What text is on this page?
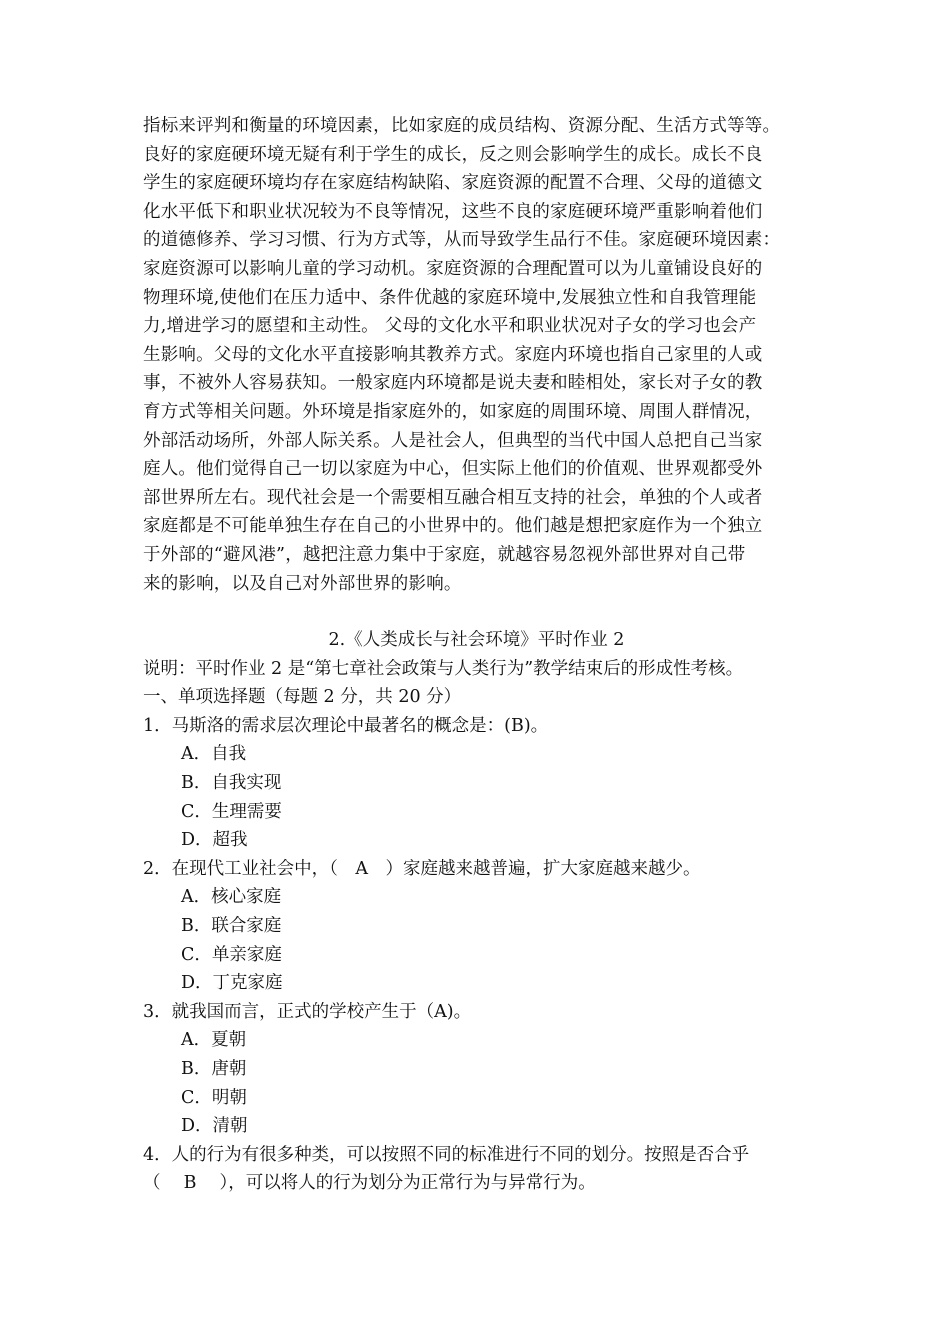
指标来评判和衡量的环境因素，比如家庭的成员结构、资源分配、生活方式等等。
良好的家庭硬环境无疑有利于学生的成长，反之则会影响学生的成长。成长不良
学生的家庭硬环境均存在家庭结构缺陷、家庭资源的配置不合理、父母的道德文
化水平低下和职业状况较为不良等情况，这些不良的家庭硬环境严重影响着他们
的道德修养、学习习惯、行为方式等，从而导致学生品行不佳。家庭硬环境因素：
家庭资源可以影响儿童的学习动机。家庭资源的合理配置可以为儿童铺设良好的
物理环境,使他们在压力适中、条件优越的家庭环境中,发展独立性和自我管理能
力,增进学习的愿望和主动性。 父母的文化水平和职业状况对子女的学习也会产
生影响。父母的文化水平直接影响其教养方式。家庭内环境也指自己家里的人或
事，不被外人容易获知。一般家庭内环境都是说夫妻和睦相处，家长对子女的教
育方式等相关问题。外环境是指家庭外的，如家庭的周围环境、周围人群情况，
外部活动场所，外部人际关系。人是社会人，但典型的当代中国人总把自己当家
庭人。他们觉得自己一切以家庭为中心，但实际上他们的价值观、世界观都受外
部世界所左右。现代社会是一个需要相互融合相互支持的社会，单独的个人或者
家庭都是不可能单独生存在自己的小世界中的。他们越是想把家庭作为一个独立
于外部的“避风港”，越把注意力集中于家庭，就越容易忽视外部世界对自己带
来的影响，以及自己对外部世界的影响。

2.《人类成长与社会环境》平时作业 2

说明：平时作业 2 是“第七章社会政策与人类行为”教学结束后的形成性考核。

一、单项选择题（每题 2 分，共 20 分）

1．马斯洛的需求层次理论中最著名的概念是：(B)。

A．自我

B．自我实现

C．生理需要

D．超我

2．在现代工业社会中，（　A　）家庭越来越普遍，扩大家庭越来越少。

A．核心家庭

B．联合家庭

C．单亲家庭

D．丁克家庭

3．就我国而言，正式的学校产生于（A)。

A．夏朝

B．唐朝

C．明朝

D．清朝

4．人的行为有很多种类，可以按照不同的标准进行不同的划分。按照是否合乎

（　 B　 ），可以将人的行为划分为正常行为与异常行为。
